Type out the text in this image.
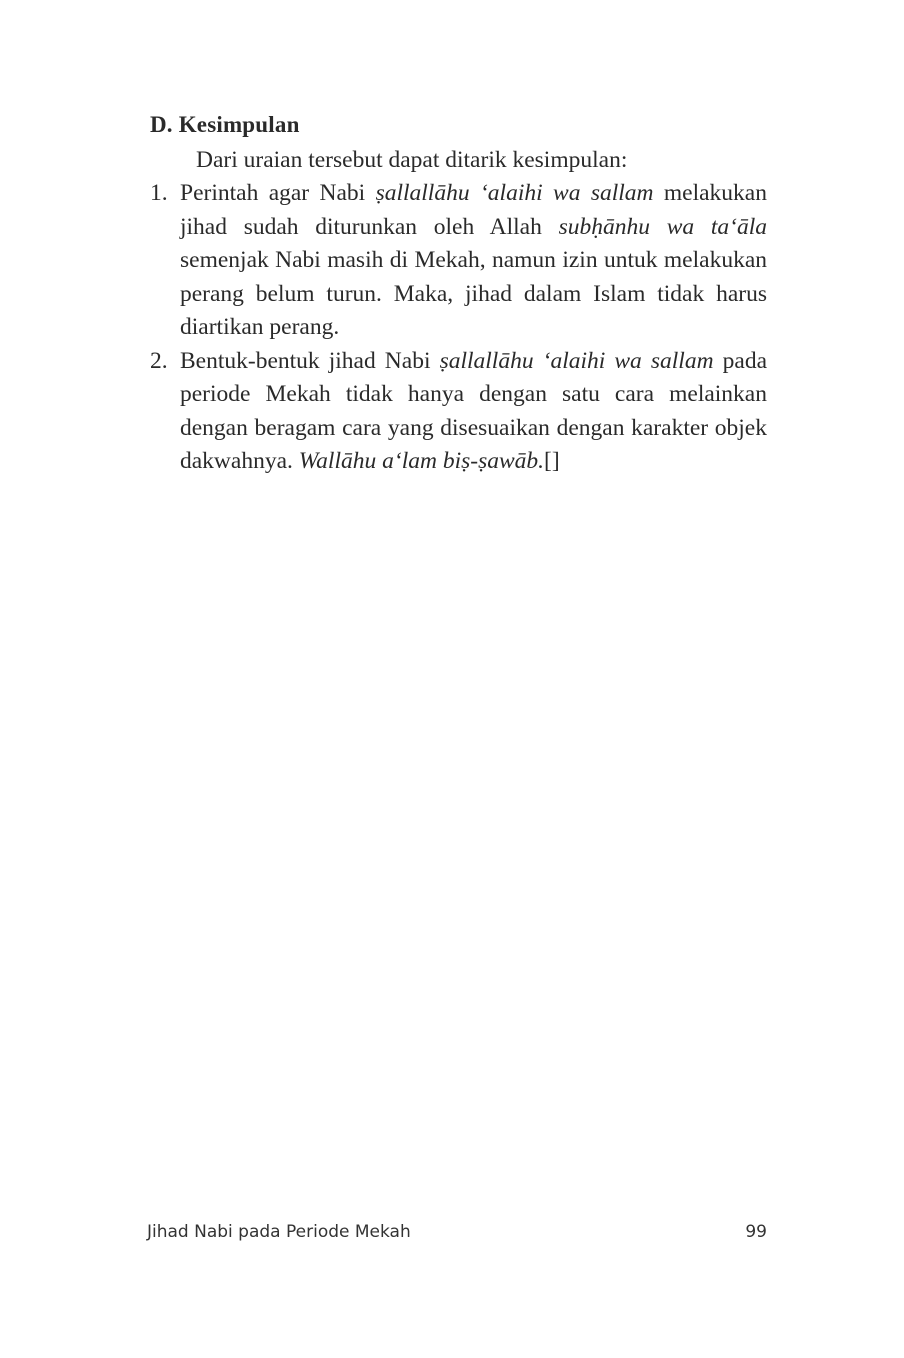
D. Kesimpulan
Dari uraian tersebut dapat ditarik kesimpulan:
1. Perintah agar Nabi ṣallallāhu ‘alaihi wa sallam melakukan jihad sudah diturunkan oleh Allah subḥānhu wa ta‘āla semenjak Nabi masih di Mekah, namun izin untuk melakukan perang belum turun. Maka, jihad dalam Islam tidak harus diartikan perang.
2. Bentuk-bentuk jihad Nabi ṣallallāhu ‘alaihi wa sallam pada periode Mekah tidak hanya dengan satu cara melainkan dengan beragam cara yang disesuaikan dengan karakter objek dakwahnya. Wallāhu a‘lam biṣ-ṣawāb.[]
Jihad Nabi pada Periode Mekah	99
